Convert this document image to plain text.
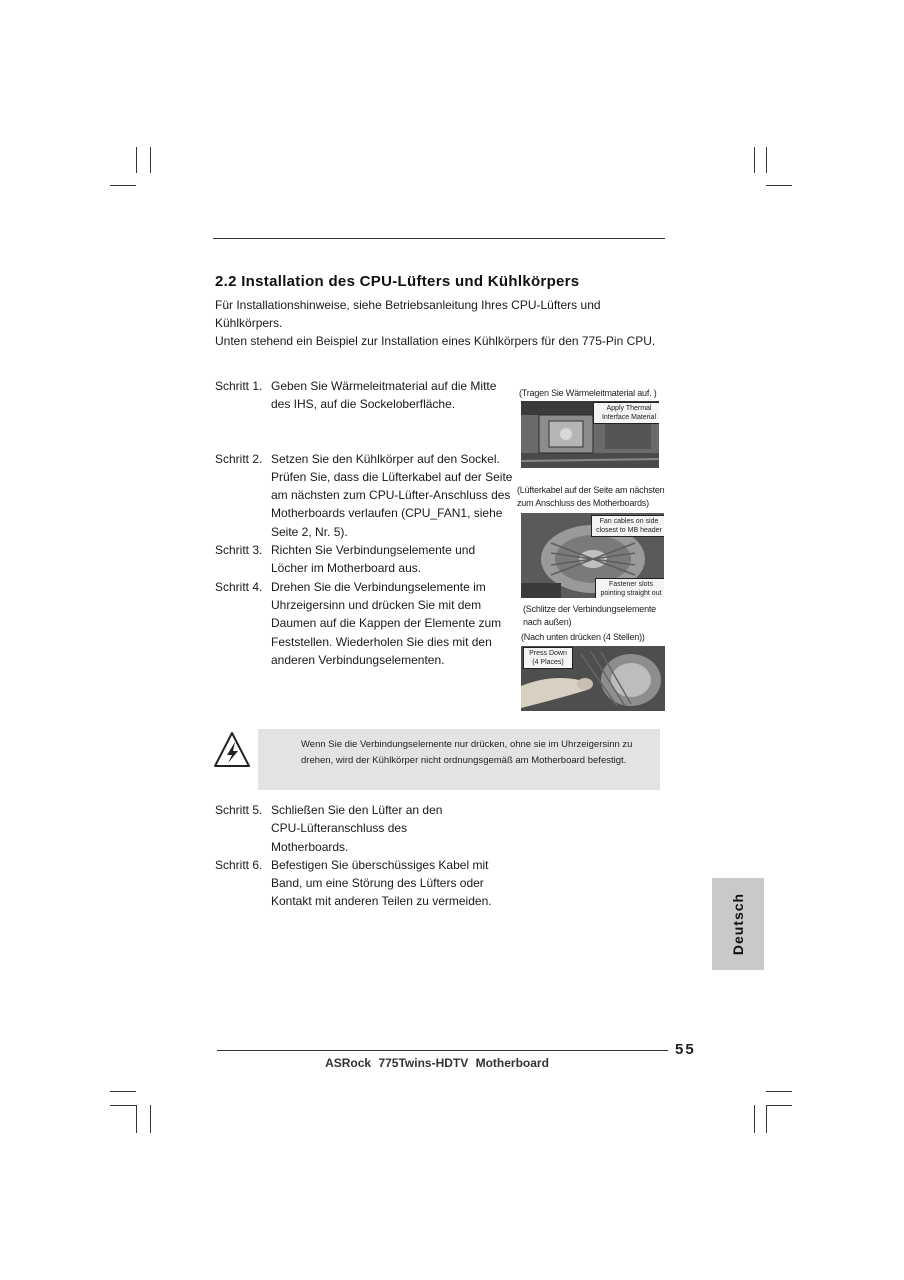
2.2 Installation des CPU-Lüfters und Kühlkörpers

Für Installationshinweise, siehe Betriebsanleitung Ihres CPU-Lüfters und Kühlkörpers.

Unten stehend ein Beispiel zur Installation eines Kühlkörpers für den 775-Pin CPU.

Schritt 1. Geben Sie Wärmeleitmaterial auf die Mitte des IHS, auf die Sockeloberfläche.
Schritt 2. Setzen Sie den Kühlkörper auf den Sockel. Prüfen Sie, dass die Lüfterkabel auf der Seite am nächsten zum CPU-Lüfter-Anschluss des Motherboards verlaufen (CPU_FAN1, siehe Seite 2, Nr. 5).
Schritt 3. Richten Sie Verbindungselemente und Löcher im Motherboard aus.
Schritt 4. Drehen Sie die Verbindungselemente im Uhrzeigersinn und drücken Sie mit dem Daumen auf die Kappen der Elemente zum Feststellen. Wiederholen Sie dies mit den anderen Verbindungselementen.
(Tragen Sie Wärmeleitmaterial auf. )
Apply Thermal
Interface Material
(Lüfterkabel auf der Seite am nächsten
zum Anschluss des Motherboards)
Fan cables on side
closest to MB header
Fastener slots
pointing straight out
(Schlitze der Verbindungselemente
nach außen)
(Nach unten drücken (4 Stellen))
Press Down
(4 Places)
Wenn Sie die Verbindungselemente nur drücken, ohne sie im Uhrzeigersinn zu drehen, wird der Kühlkörper nicht ordnungsgemäß am Motherboard befestigt.
Schritt 5. Schließen Sie den Lüfter an den CPU-Lüfteranschluss des Motherboards.
Schritt 6. Befestigen Sie überschüssiges Kabel mit Band, um eine Störung des Lüfters oder Kontakt mit anderen Teilen zu vermeiden.	Deutsch
55
ASRock 775Twins-HDTV Motherboard
